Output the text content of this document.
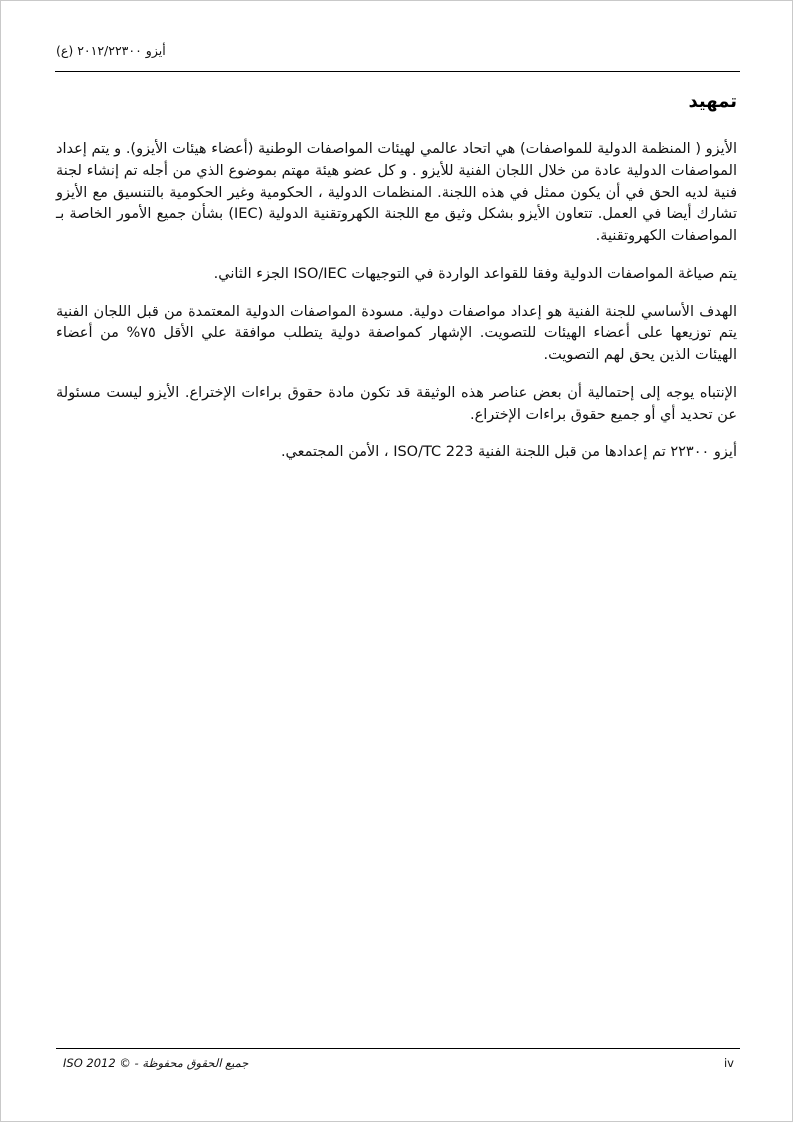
أيزو ٢٠١٢/٢٢٣٠٠ (ع)
تمهيد

الأيزو ( المنظمة الدولية للمواصفات) هي اتحاد عالمي لهيئات المواصفات الوطنية (أعضاء هيئات الأيزو). و يتم إعداد المواصفات الدولية عادة من خلال اللجان الفنية للأيزو . و كل عضو هيئة مهتم بموضوع الذي من أجله تم إنشاء لجنة فنية لديه الحق في أن يكون ممثل في هذه اللجنة. المنظمات الدولية ، الحكومية وغير الحكومية بالتنسيق مع الأيزو تشارك أيضا في العمل. تتعاون الأيزو بشكل وثيق مع اللجنة الكهروتقنية الدولية (IEC) بشأن جميع الأمور الخاصة بـ المواصفات الكهروتقنية.

يتم صياغة المواصفات الدولية وفقا للقواعد الواردة في التوجيهات ISO/IEC الجزء الثاني.

الهدف الأساسي للجنة الفنية هو إعداد مواصفات دولية. مسودة المواصفات الدولية المعتمدة من قبل اللجان الفنية يتم توزيعها على أعضاء الهيئات للتصويت. الإشهار كمواصفة دولية يتطلب موافقة علي الأقل ٧٥% من أعضاء الهيئات الذين يحق لهم التصويت.

الإنتباه يوجه إلى إحتمالية أن بعض عناصر هذه الوثيقة قد تكون مادة حقوق براءات الإختراع. الأيزو ليست مسئولة عن تحديد أي أو جميع حقوق براءات الإختراع.

أيزو ٢٢٣٠٠ تم إعدادها من قبل اللجنة الفنية ISO/TC 223 ، الأمن المجتمعي.

جميع الحقوق محفوظة - © ISO 2012	iv
